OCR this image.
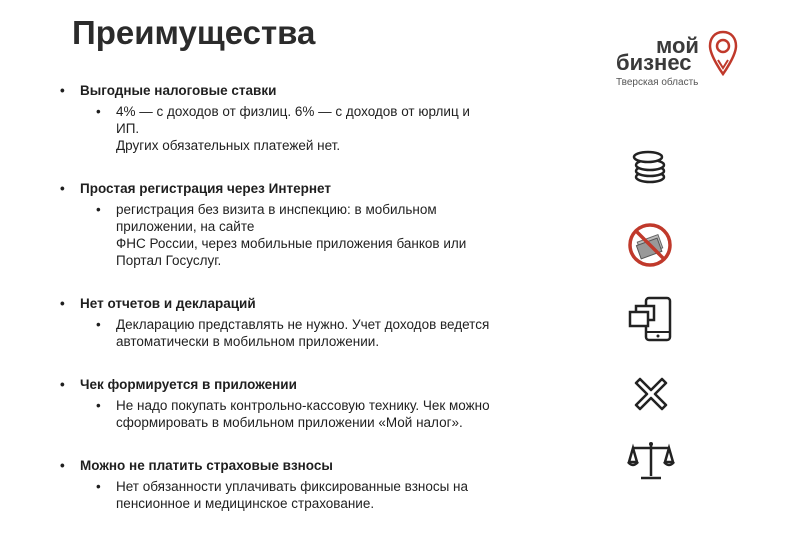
Преимущества	мой
бизнес
Тверская область
• Выгодные налоговые ставки
• 4% — с доходов от физлиц. 6% — с доходов от юрлиц и
ИП.
Других обязательных платежей нет.
• Простая регистрация через Интернет
• регистрация без визита в инспекцию: в мобильном
приложении, на сайте
ФНС России, через мобильные приложения банков или
Портал Госуслуг.
• Нет отчетов и деклараций
• Декларацию представлять не нужно. Учет доходов ведется
автоматически в мобильном приложении.
• Чек формируется в приложении
• Не надо покупать контрольно-кассовую технику. Чек можно
сформировать в мобильном приложении «Мой налог».
• Можно не платить страховые взносы
• Нет обязанности уплачивать фиксированные взносы на
пенсионное и медицинское страхование.
